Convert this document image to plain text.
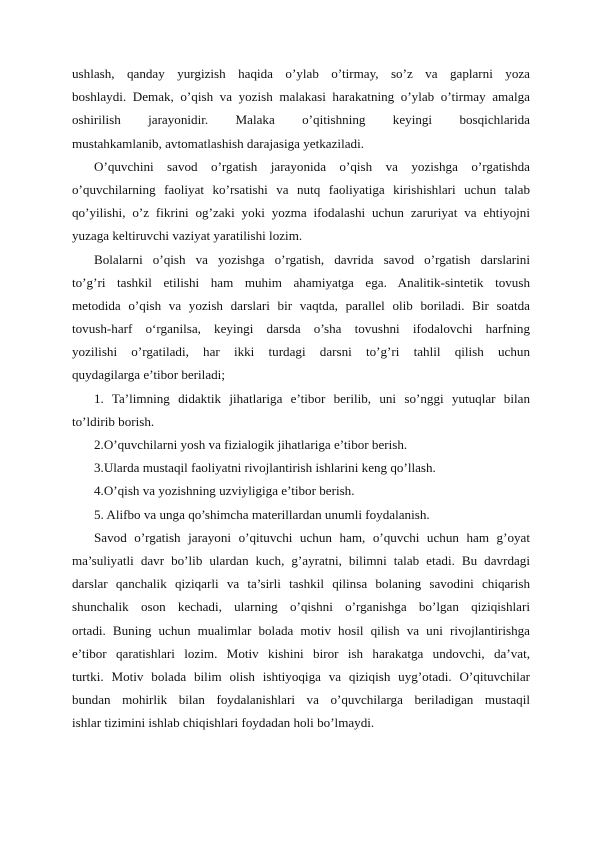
ushlash, qanday yurgizish haqida o’ylab o’tirmay, so’z va gaplarni yoza
boshlaydi. Demak, o’qish va yozish malakasi harakatning o’ylab o’tirmay amalga
oshirilish jarayonidir. Malaka o’qitishning keyingi bosqichlarida
mustahkamlanib, avtomatlashish darajasiga yetkaziladi.
O’quvchini savod o’rgatish jarayonida o’qish va yozishga o’rgatishda
o’quvchilarning faoliyat ko’rsatishi va nutq faoliyatiga kirishishlari uchun talab
qo’yilishi, o’z fikrini og’zaki yoki yozma ifodalashi uchun zaruriyat va ehtiyojni
yuzaga keltiruvchi vaziyat yaratilishi lozim.
Bolalarni o’qish va yozishga o’rgatish, davrida savod o’rgatish darslarini
to’g’ri tashkil etilishi ham muhim ahamiyatga ega. Analitik-sintetik tovush
metodida o’qish va yozish darslari bir vaqtda, parallel olib boriladi. Bir soatda
tovush-harf o‘rganilsa, keyingi darsda o’sha tovushni ifodalovchi harfning
yozilishi o’rgatiladi, har ikki turdagi darsni to’g’ri tahlil qilish uchun
quydagilarga e’tibor beriladi;
1. Ta’limning didaktik jihatlariga e’tibor berilib, uni so’nggi yutuqlar bilan
to’ldirib borish.
2.O’quvchilarni yosh va fizialogik jihatlariga e’tibor berish.
3.Ularda mustaqil faoliyatni rivojlantirish ishlarini keng qo’llash.
4.O’qish va yozishning uzviyligiga e’tibor berish.
5. Alifbo va unga qo’shimcha materillardan unumli foydalanish.
Savod o’rgatish jarayoni o’qituvchi uchun ham, o’quvchi uchun ham g’oyat
ma’suliyatli davr bo’lib ulardan kuch, g’ayratni, bilimni talab etadi. Bu davrdagi
darslar qanchalik qiziqarli va ta’sirli tashkil qilinsa bolaning savodini chiqarish
shunchalik oson kechadi, ularning o’qishni o’rganishga bo’lgan qiziqishlari
ortadi. Buning uchun mualimlar bolada motiv hosil qilish va uni rivojlantirishga
e’tibor qaratishlari lozim. Motiv kishini biror ish harakatga undovchi, da’vat,
turtki. Motiv bolada bilim olish ishtiyoqiga va qiziqish uyg’otadi. O’qituvchilar
bundan mohirlik bilan foydalanishlari va o’quvchilarga beriladigan mustaqil
ishlar tizimini ishlab chiqishlari foydadan holi bo’lmaydi.
